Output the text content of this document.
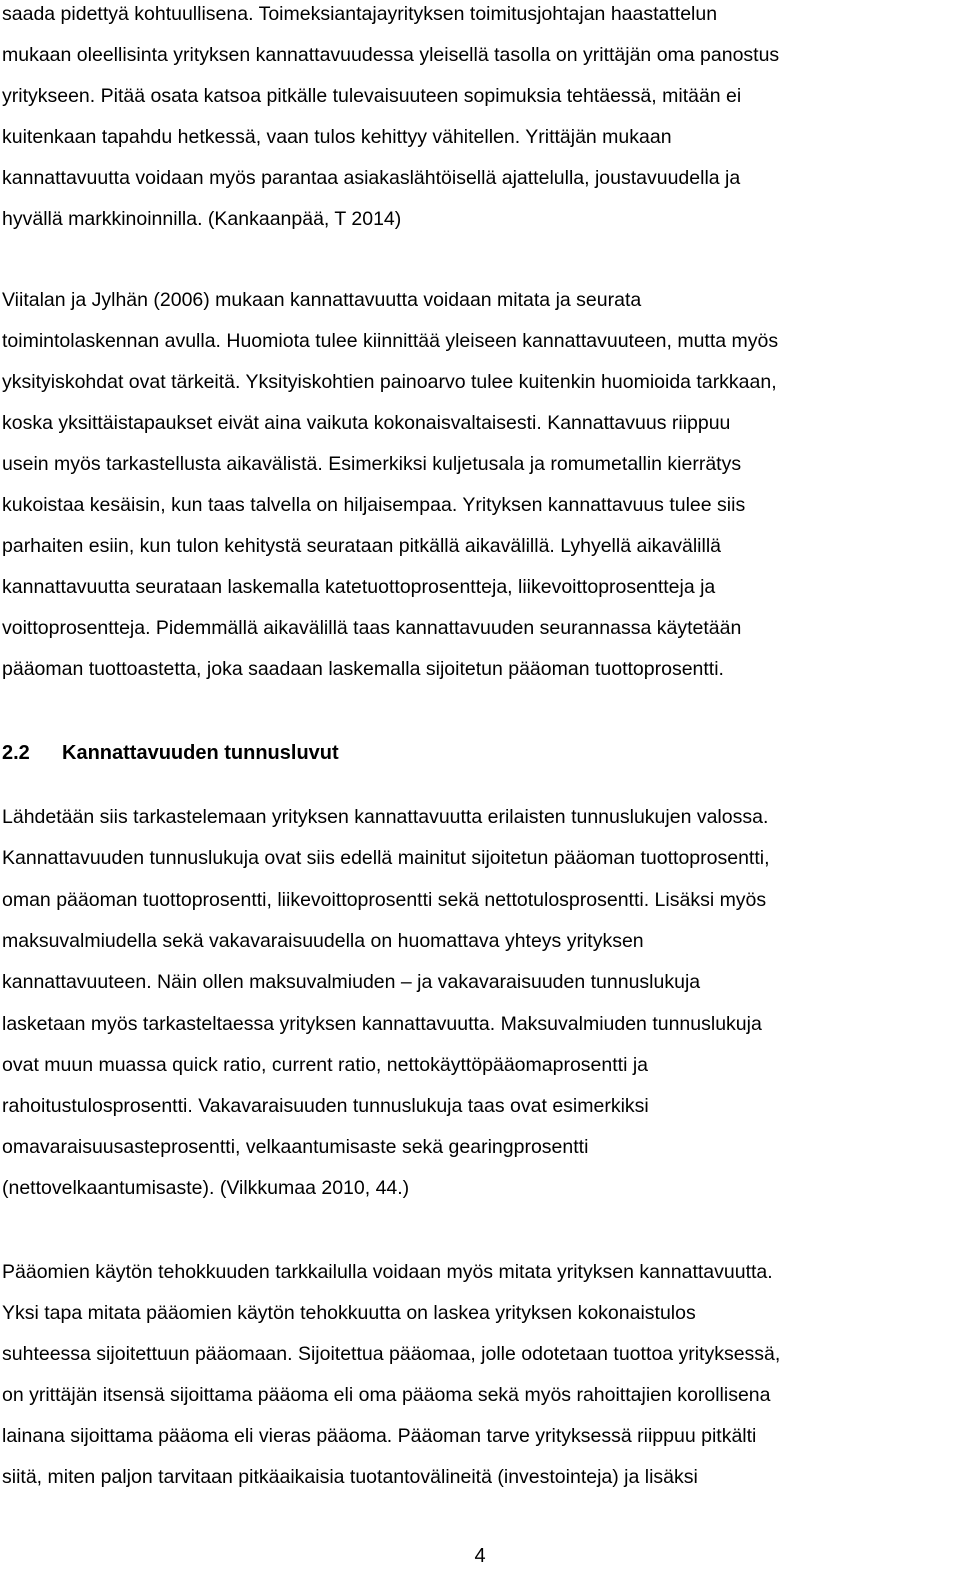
saada pidettyä kohtuullisena. Toimeksiantajayrityksen toimitusjohtajan haastattelun
mukaan oleellisinta yrityksen kannattavuudessa yleisellä tasolla on yrittäjän oma panostus
yritykseen. Pitää osata katsoa pitkälle tulevaisuuteen sopimuksia tehtäessä, mitään ei
kuitenkaan tapahdu hetkessä, vaan tulos kehittyy vähitellen. Yrittäjän mukaan
kannattavuutta voidaan myös parantaa asiakaslähtöisellä ajattelulla, joustavuudella ja
hyvällä markkinoinnilla. (Kankaanpää, T 2014)
Viitalan ja Jylhän (2006) mukaan kannattavuutta voidaan mitata ja seurata
toimintolaskennan avulla. Huomiota tulee kiinnittää yleiseen kannattavuuteen, mutta myös
yksityiskohdat ovat tärkeitä. Yksityiskohtien painoarvo tulee kuitenkin huomioida tarkkaan,
koska yksittäistapaukset eivät aina vaikuta kokonaisvaltaisesti. Kannattavuus riippuu
usein myös tarkastellusta aikavälistä. Esimerkiksi kuljetusala ja romumetallin kierrätys
kukoistaa kesäisin, kun taas talvella on hiljaisempaa. Yrityksen kannattavuus tulee siis
parhaiten esiin, kun tulon kehitystä seurataan pitkällä aikavälillä. Lyhyellä aikavälillä
kannattavuutta seurataan laskemalla katetuottoprosentteja, liikevoittoprosentteja ja
voittoprosentteja. Pidemmällä aikavälillä taas kannattavuuden seurannassa käytetään
pääoman tuottoastetta, joka saadaan laskemalla sijoitetun pääoman tuottoprosentti.
2.2 Kannattavuuden tunnusluvut
Lähdetään siis tarkastelemaan yrityksen kannattavuutta erilaisten tunnuslukujen valossa.
Kannattavuuden tunnuslukuja ovat siis edellä mainitut sijoitetun pääoman tuottoprosentti,
oman pääoman tuottoprosentti, liikevoittoprosentti sekä nettotulosprosentti. Lisäksi myös
maksuvalmiudella sekä vakavaraisuudella on huomattava yhteys yrityksen
kannattavuuteen. Näin ollen maksuvalmiuden – ja vakavaraisuuden tunnuslukuja
lasketaan myös tarkasteltaessa yrityksen kannattavuutta. Maksuvalmiuden tunnuslukuja
ovat muun muassa quick ratio, current ratio, nettokäyttöpääomaprosentti ja
rahoitustulosprosentti. Vakavaraisuuden tunnuslukuja taas ovat esimerkiksi
omavaraisuusasteprosentti, velkaantumisaste sekä gearingprosentti
(nettovelkaantumisaste). (Vilkkumaa 2010, 44.)
Pääomien käytön tehokkuuden tarkkailulla voidaan myös mitata yrityksen kannattavuutta.
Yksi tapa mitata pääomien käytön tehokkuutta on laskea yrityksen kokonaistulos
suhteessa sijoitettuun pääomaan. Sijoitettua pääomaa, jolle odotetaan tuottoa yrityksessä,
on yrittäjän itsensä sijoittama pääoma eli oma pääoma sekä myös rahoittajien korollisena
lainana sijoittama pääoma eli vieras pääoma. Pääoman tarve yrityksessä riippuu pitkälti
siitä, miten paljon tarvitaan pitkäaikaisia tuotantovälineitä (investointeja) ja lisäksi
4
